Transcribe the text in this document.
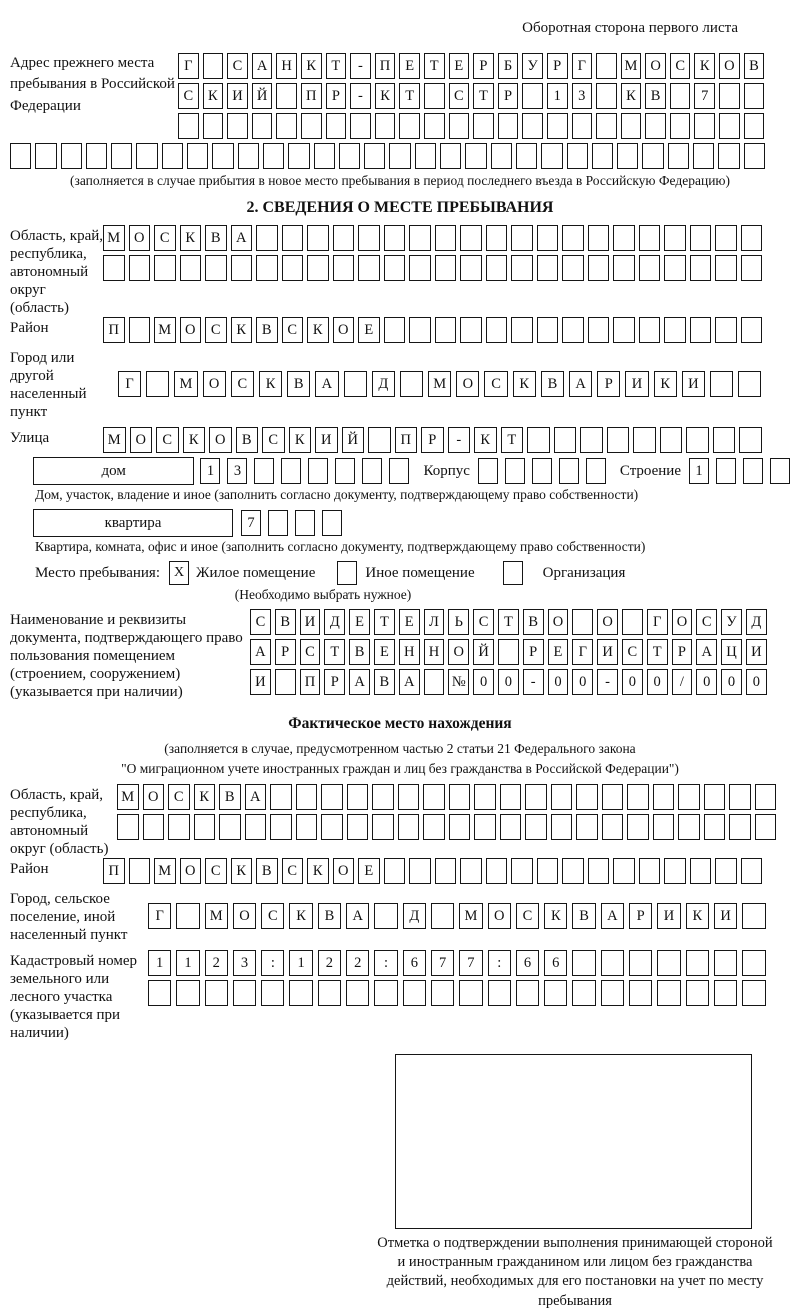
Оборотная сторона первого листа
Адрес прежнего места пребывания в Российской Федерации
Г	С	А Н	К	Т	-	П	Е	Т	Е	Р	Б	У	Р	Г	М О	С	К	О	В
С	К	И Й	П	Р	-	К	Т	С	Т	Р	1	3	К	В	7
(заполняется в случае прибытия в новое место пребывания в период последнего въезда в Российскую Федерацию)
2. СВЕДЕНИЯ О МЕСТЕ ПРЕБЫВАНИЯ
Область, край, республика, автономный округ (область)
М О	С	К	В	А
Район	П	М О	С	К	В	С	К	О	Е
Город или другой населенный пункт
Г	М	О	С	К	В	А	Д	М	О	С	К	В	А	Р	И	К	И
Улица	М	О	С	К	О	В	С	К	И	Й	П	Р	-	К	Т
дом	1	3	Корпус	Строение 1
Дом, участок, владение и иное (заполнить согласно документу, подтверждающему право собственности)
квартира	7
Квартира, комната, офис и иное (заполнить согласно документу, подтверждающему право собственности)
Место пребывания: X Жилое помещение	Иное помещение	Организация
(Необходимо выбрать нужное)
Наименование и реквизиты документа, подтверждающего право пользования помещением (строением, сооружением) (указывается при наличии)
С	В	И	Д	Е	Т	Е	Л	Ь	С	Т	В	О	О	Г	О	С	У	Д
А	Р	С	Т	В	Е	Н Н О Й	Р	Е	Г	И	С	Т	Р	А Ц И
И	П	Р	А	В	А	№ 0	0	-	0	0	-	0	0	/	0	0	0
Фактическое место нахождения
(заполняется в случае, предусмотренном частью 2 статьи 21 Федерального закона
"О миграционном учете иностранных граждан и лиц без гражданства в Российской Федерации")
Область, край, республика, автономный округ (область)
М О	С	К	В	А
Район	П	М О	С	К	В	С	К	О	Е
Город, сельское поселение, иной населенный пункт
Г	М	О	С	К	В	А	Д	М	О	С	К	В	А	Р	И	К	И
Кадастровый номер земельного или лесного участка (указывается при наличии)
1	1	2	3	:	1	2	2	:	6	7	7	:	6	6
Отметка о подтверждении выполнения принимающей стороной и иностранным гражданином или лицом без гражданства действий, необходимых для его постановки на учет по месту пребывания
